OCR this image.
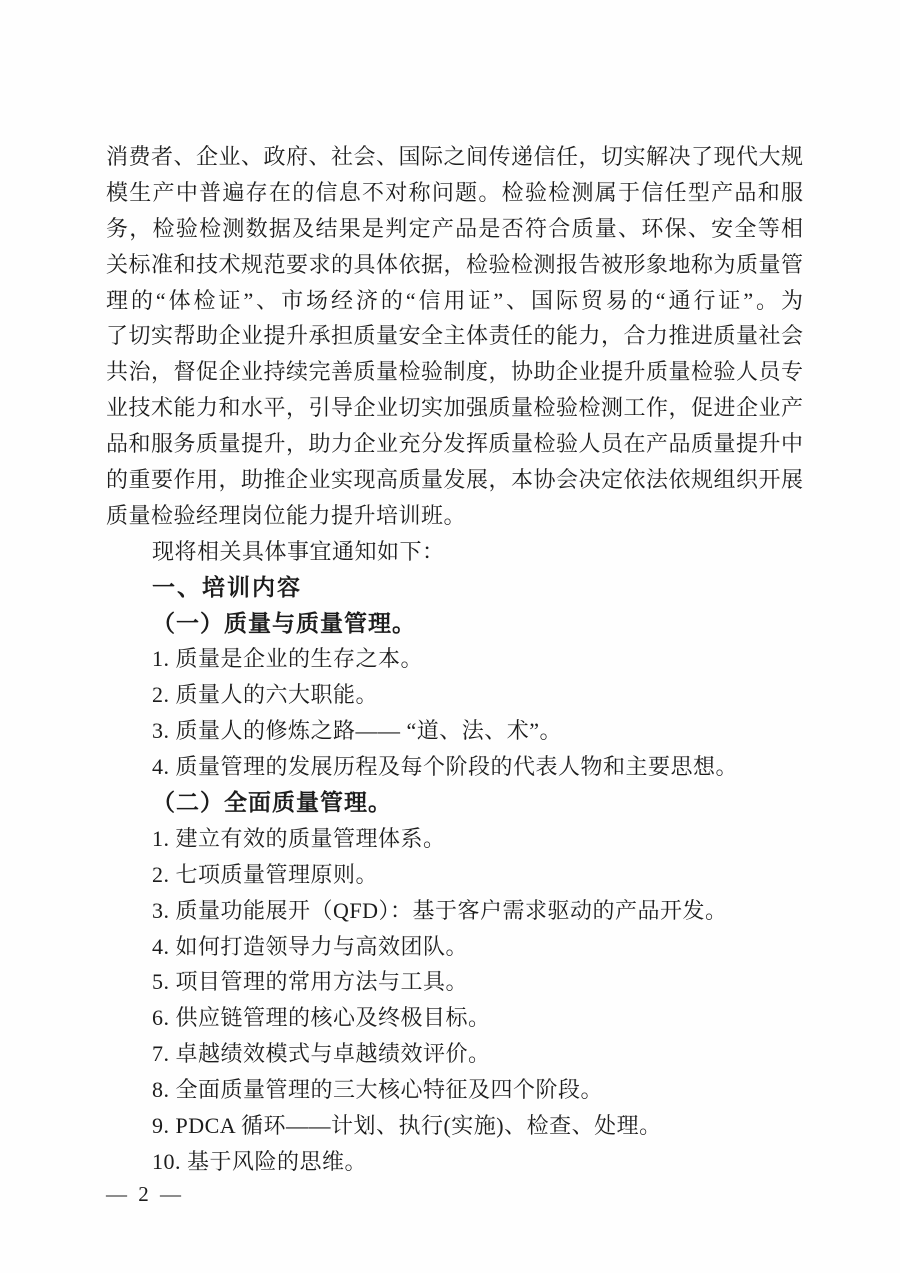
消费者、企业、政府、社会、国际之间传递信任，切实解决了现代大规
模生产中普遍存在的信息不对称问题。检验检测属于信任型产品和服
务，检验检测数据及结果是判定产品是否符合质量、环保、安全等相
关标准和技术规范要求的具体依据，检验检测报告被形象地称为质量管
理的“体检证”、市场经济的“信用证”、国际贸易的“通行证”。为
了切实帮助企业提升承担质量安全主体责任的能力，合力推进质量社会
共治，督促企业持续完善质量检验制度，协助企业提升质量检验人员专
业技术能力和水平，引导企业切实加强质量检验检测工作，促进企业产
品和服务质量提升，助力企业充分发挥质量检验人员在产品质量提升中
的重要作用，助推企业实现高质量发展，本协会决定依法依规组织开展
质量检验经理岗位能力提升培训班。
现将相关具体事宜通知如下：
一、培训内容
（一）质量与质量管理。
1. 质量是企业的生存之本。
2. 质量人的六大职能。
3. 质量人的修炼之路—— “道、法、术”。
4. 质量管理的发展历程及每个阶段的代表人物和主要思想。
（二）全面质量管理。
1. 建立有效的质量管理体系。
2. 七项质量管理原则。
3. 质量功能展开（QFD）：基于客户需求驱动的产品开发。
4. 如何打造领导力与高效团队。
5. 项目管理的常用方法与工具。
6. 供应链管理的核心及终极目标。
7. 卓越绩效模式与卓越绩效评价。
8. 全面质量管理的三大核心特征及四个阶段。
9. PDCA 循环——计划、执行(实施)、检查、处理。
10. 基于风险的思维。
— 2 —
